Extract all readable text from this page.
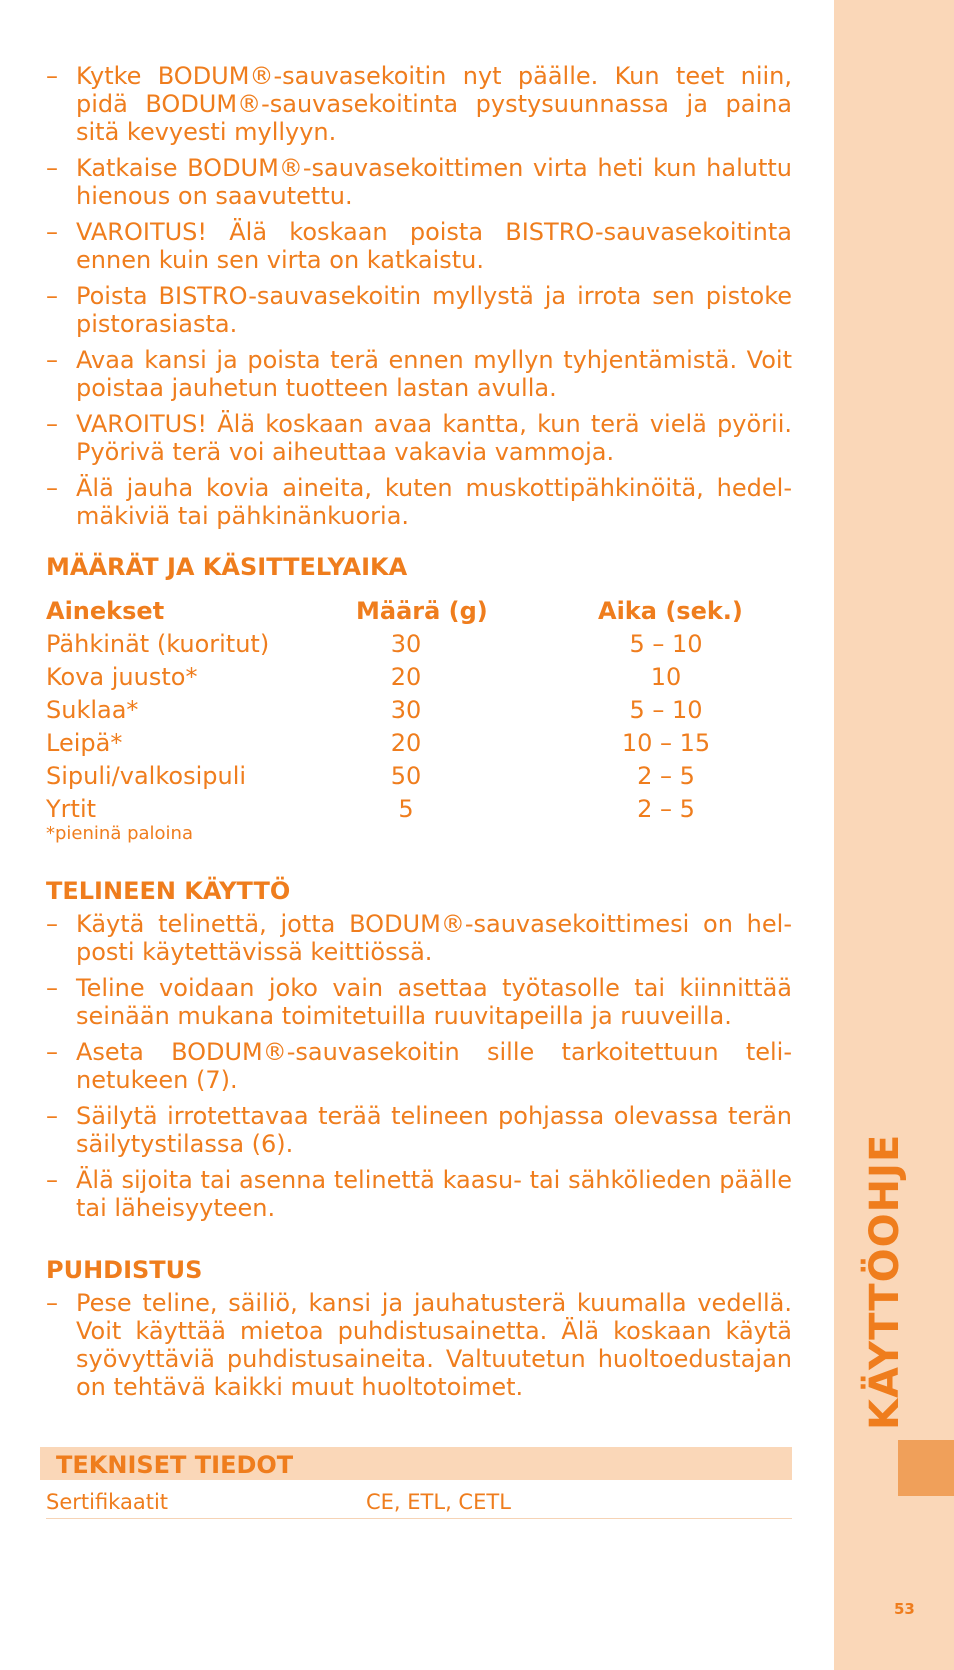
– Kytke BODUM®-sauvasekoitin nyt päälle. Kun teet niin, pidä BODUM®-sauvasekoitinta pystysuunnassa ja paina sitä kevyesti myllyyn.
– Katkaise BODUM®-sauvasekoittimen virta heti kun haluttu hienous on saavutettu.
– VAROITUS! Älä koskaan poista BISTRO-sauvasekoitinta ennen kuin sen virta on katkaistu.
– Poista BISTRO-sauvasekoitin myllystä ja irrota sen pistoke pistorasiasta.
– Avaa kansi ja poista terä ennen myllyn tyhjentämistä. Voit poistaa jauhetun tuotteen lastan avulla.
– VAROITUS! Älä koskaan avaa kantta, kun terä vielä pyörii. Pyörivä terä voi aiheuttaa vakavia vammoja.
– Älä jauha kovia aineita, kuten muskottipähkinöitä, hedelmäkiviä tai pähkinänkuoria.
MÄÄRÄT JA KÄSITTELYAIKA
Ainekset	Määrä (g)	Aika (sek.)
Pähkinät (kuoritut)	30	5 – 10
Kova juusto*	20	10
Suklaa*	30	5 – 10
Leipä*	20	10 – 15
Sipuli/valkosipuli	50	2 – 5
Yrtit	5	2 – 5
*pieninä paloina
TELINEEN KÄYTTÖ
– Käytä telinettä, jotta BODUM®-sauvasekoittimesi on helposti käytettävissä keittiössä.
– Teline voidaan joko vain asettaa työtasolle tai kiinnittää seinään mukana toimitetuilla ruuvitapeilla ja ruuveilla.
– Aseta BODUM®-sauvasekoitin sille tarkoitettuun telinetukeen (7).
– Säilytä irrotettavaa terää telineen pohjassa olevassa terän säilytystilassa (6).
– Älä sijoita tai asenna telinettä kaasu- tai sähkölieden päälle tai läheisyyteen.
PUHDISTUS
– Pese teline, säiliö, kansi ja jauhatusterä kuumalla vedellä. Voit käyttää mietoa puhdistusainetta. Älä koskaan käytä syövyttäviä puhdistusaineita. Valtuutetun huoltoedustajan on tehtävä kaikki muut huoltotoimet.
TEKNISET TIEDOT
Sertifikaatit	CE, ETL, CETL
KÄYTTÖOHJE
53
